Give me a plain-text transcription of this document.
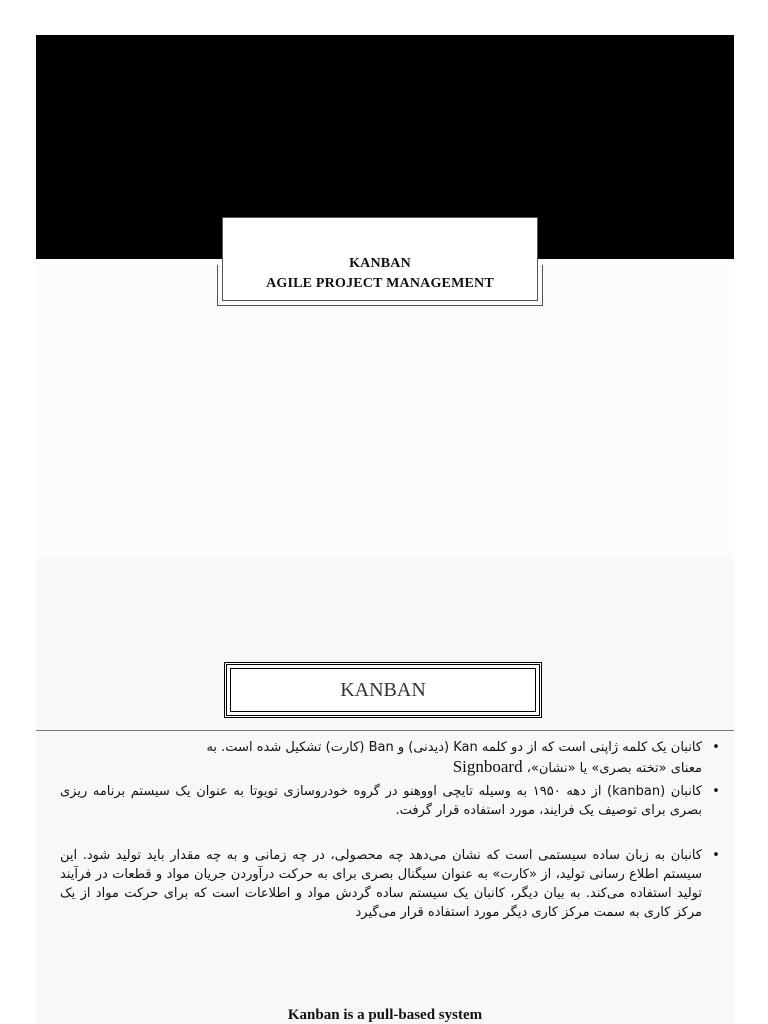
KANBAN
AGILE PROJECT MANAGEMENT
KANBAN

•
کانبان یک کلمه ژاپنی است که از دو کلمه Kan (دیدنی) و Ban (کارت) تشکیل شده است. به
معنای «تخته بصری» یا «نشان»، Signboard

•
کانبان (kanban) از دهه ۱۹۵۰ به وسیله تایچی اووهنو در گروه خودروسازی تویوتا به عنوان یک سیستم برنامه ریزی بصری برای توصیف یک فرایند، مورد استفاده قرار گرفت.

•
کانبان به زبان ساده سیستمی است که نشان می‌دهد چه محصولی، در چه زمانی و به چه مقدار باید تولید شود. این سیستم اطلاع رسانی تولید، از «کارت» به عنوان سیگنال بصری برای به حرکت درآوردن جریان مواد و قطعات در فرآیند تولید استفاده می‌کند. به بیان دیگر، کانبان یک سیستم ساده گردش مواد و اطلاعات است که برای حرکت مواد از یک مرکز کاری به سمت مرکز کاری دیگر مورد استفاده قرار می‌گیرد

Kanban is a pull-based system
